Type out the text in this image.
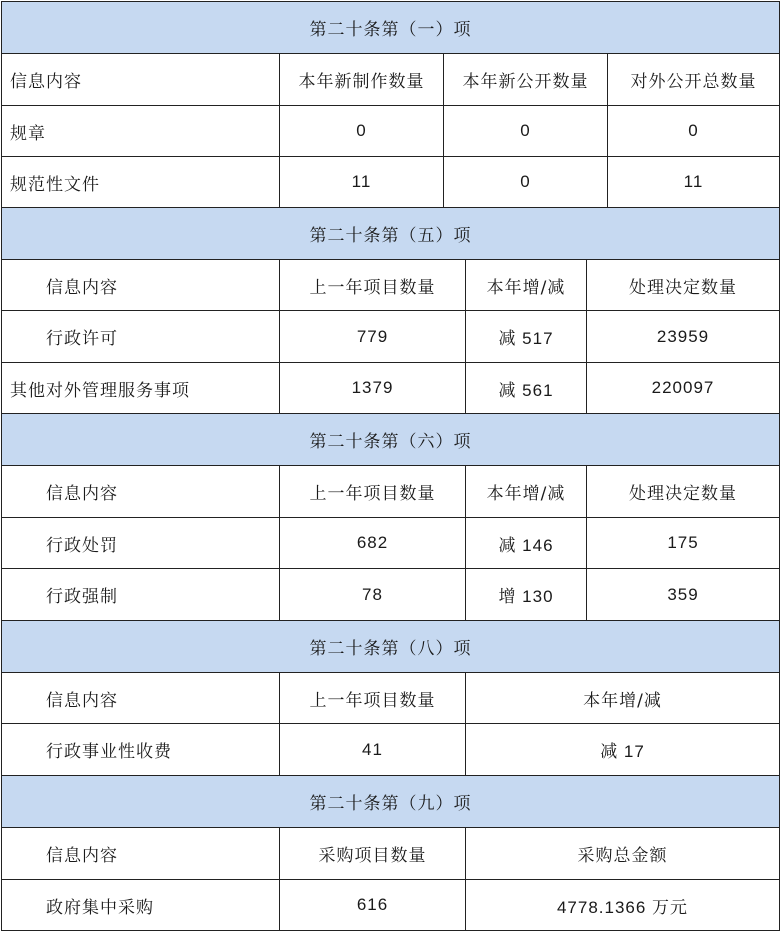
第二十条第（一）项			
信息内容	本年新制作数量	本年新公开数量	对外公开总数量
规章	0	0	0
规范性文件	11	0	11
第二十条第（五）项			
信息内容	上一年项目数量	本年增/减	处理决定数量
行政许可	779	减 517	23959
其他对外管理服务事项	1379	减 561	220097
第二十条第（六）项			
信息内容	上一年项目数量	本年增/减	处理决定数量
行政处罚	682	减 146	175
行政强制	78	增 130	359
第二十条第（八）项		
信息内容	上一年项目数量	本年增/减
行政事业性收费	41	减 17
第二十条第（九）项		
信息内容	采购项目数量	采购总金额
政府集中采购	616	4778.1366 万元
